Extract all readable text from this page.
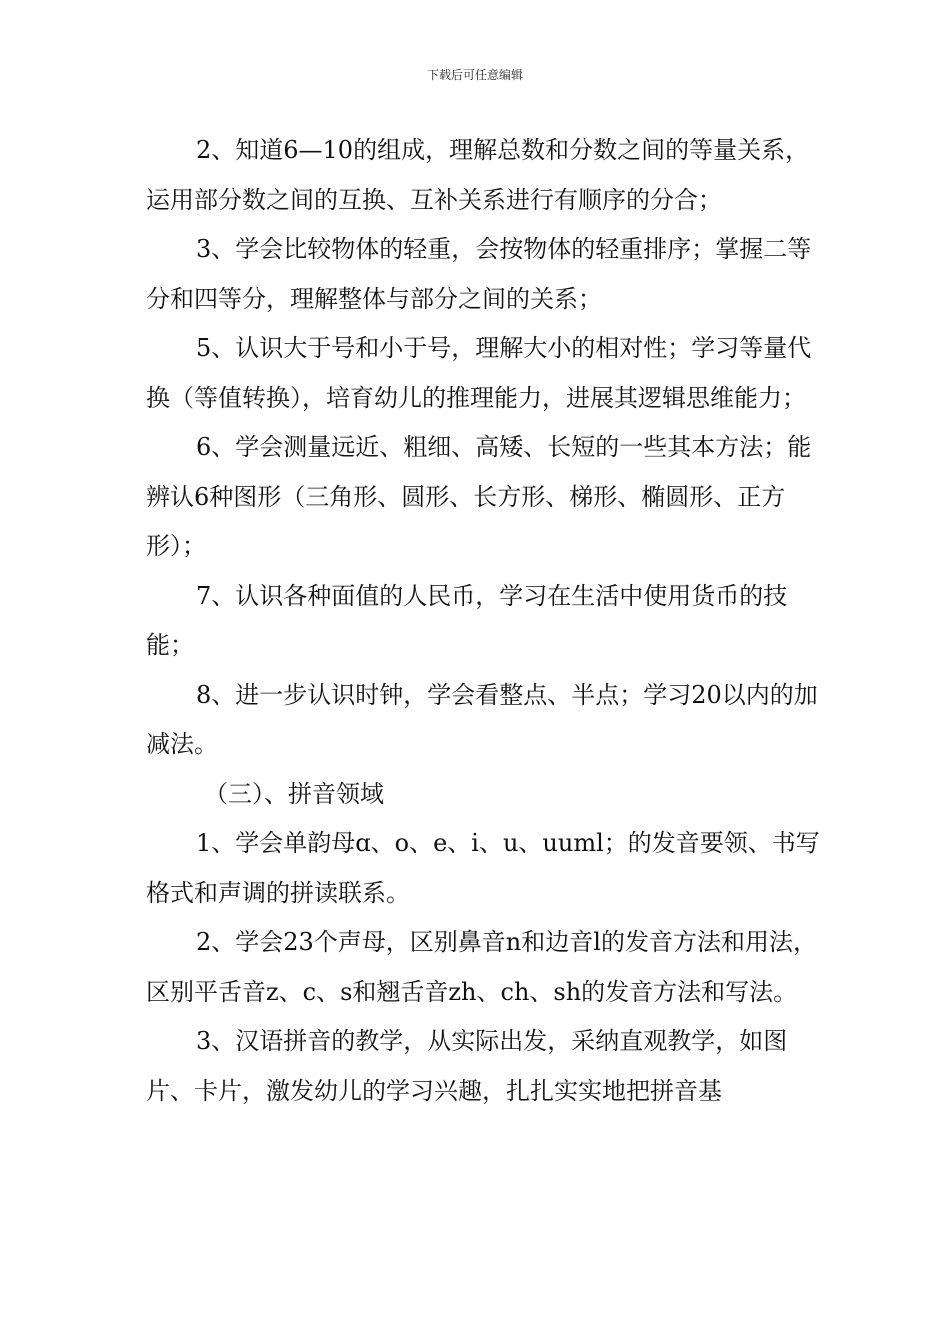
下载后可任意编辑

2、知道6—10的组成，理解总数和分数之间的等量关系，运用部分数之间的互换、互补关系进行有顺序的分合；

3、学会比较物体的轻重，会按物体的轻重排序；掌握二等分和四等分，理解整体与部分之间的关系；

5、认识大于号和小于号，理解大小的相对性；学习等量代换（等值转换），培育幼儿的推理能力，进展其逻辑思维能力；

6、学会测量远近、粗细、高矮、长短的一些其本方法；能辨认6种图形（三角形、圆形、长方形、梯形、椭圆形、正方形）；

7、认识各种面值的人民币，学习在生活中使用货币的技能；

8、进一步认识时钟，学会看整点、半点；学习20以内的加减法。

（三）、拼音领域

1、学会单韵母ɑ、o、e、i、u、uuml；的发音要领、书写格式和声调的拼读联系。

2、学会23个声母，区别鼻音n和边音l的发音方法和用法，区别平舌音z、c、s和翘舌音zh、ch、sh的发音方法和写法。

3、汉语拼音的教学，从实际出发，采纳直观教学，如图片、卡片，激发幼儿的学习兴趣，扎扎实实地把拼音基
